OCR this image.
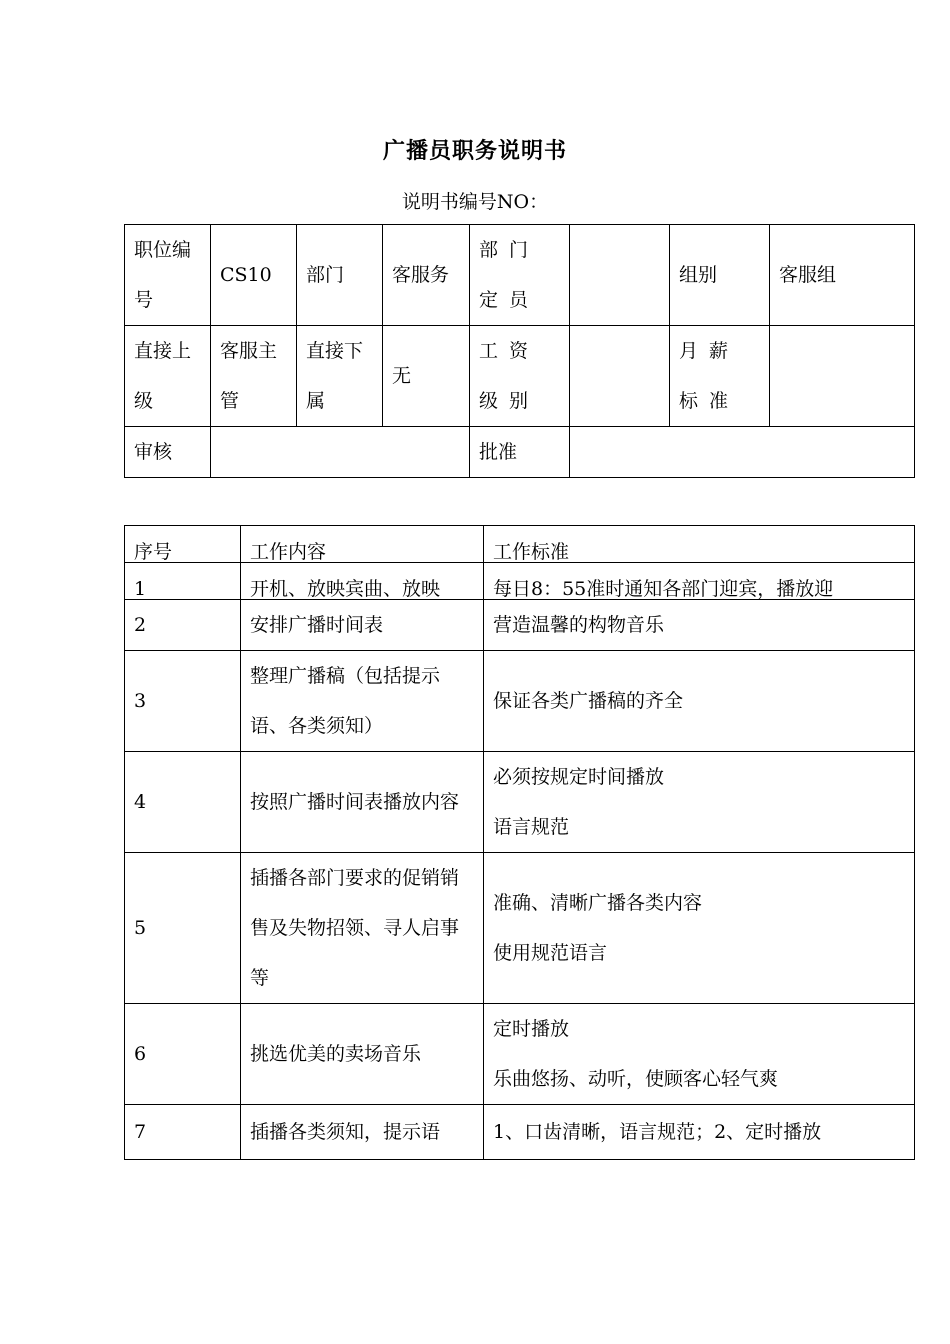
广播员职务说明书
说明书编号NO：
职位编号	CS10	部门	客服务	部门定员		组别	客服组
直接上级	客服主管	直接下属	无	工资级别		月薪标准	
审核				批准			
序号	工作内容	工作标准

1	开机、放映宾曲、放映	每日8：55准时通知各部门迎宾，播放迎

2	安排广播时间表	营造温馨的构物音乐
3	整理广播稿（包括提示语、各类须知）	保证各类广播稿的齐全
4	按照广播时间表播放内容	必须按规定时间播放
语言规范

5	插播各部门要求的促销销售及失物招领、寻人启事等	准确、清晰广播各类内容
使用规范语言

6	挑选优美的卖场音乐	定时播放
乐曲悠扬、动听，使顾客心轻气爽

7	插播各类须知，提示语	1、口齿清晰，语言规范；2、定时播放
